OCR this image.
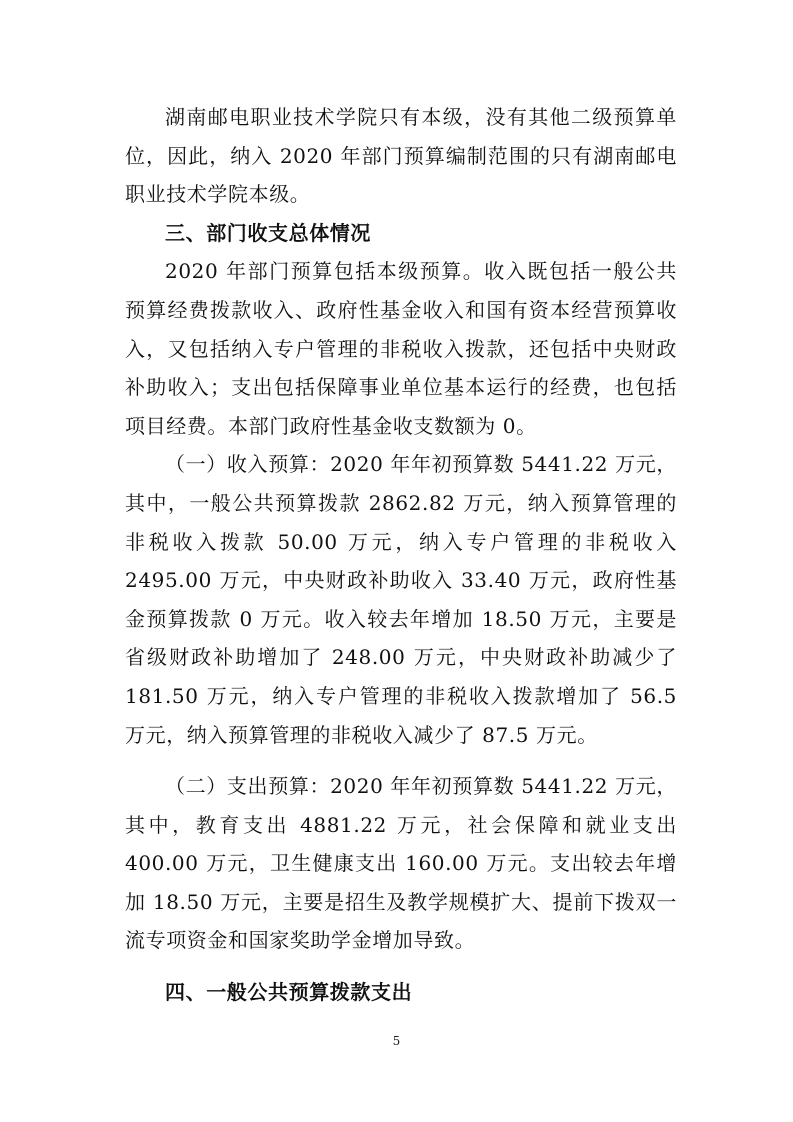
湖南邮电职业技术学院只有本级，没有其他二级预算单位，因此，纳入 2020 年部门预算编制范围的只有湖南邮电职业技术学院本级。

三、部门收支总体情况

2020 年部门预算包括本级预算。收入既包括一般公共预算经费拨款收入、政府性基金收入和国有资本经营预算收入，又包括纳入专户管理的非税收入拨款，还包括中央财政补助收入；支出包括保障事业单位基本运行的经费，也包括项目经费。本部门政府性基金收支数额为 0。

（一）收入预算：2020 年年初预算数 5441.22 万元，其中，一般公共预算拨款 2862.82 万元，纳入预算管理的非税收入拨款 50.00 万元，纳入专户管理的非税收入 2495.00 万元，中央财政补助收入 33.40 万元，政府性基金预算拨款 0 万元。收入较去年增加 18.50 万元，主要是省级财政补助增加了 248.00 万元，中央财政补助减少了 181.50 万元，纳入专户管理的非税收入拨款增加了 56.5 万元，纳入预算管理的非税收入减少了 87.5 万元。

（二）支出预算：2020 年年初预算数 5441.22 万元，其中，教育支出 4881.22 万元，社会保障和就业支出 400.00 万元，卫生健康支出 160.00 万元。支出较去年增加 18.50 万元，主要是招生及教学规模扩大、提前下拨双一流专项资金和国家奖助学金增加导致。

四、一般公共预算拨款支出
5
